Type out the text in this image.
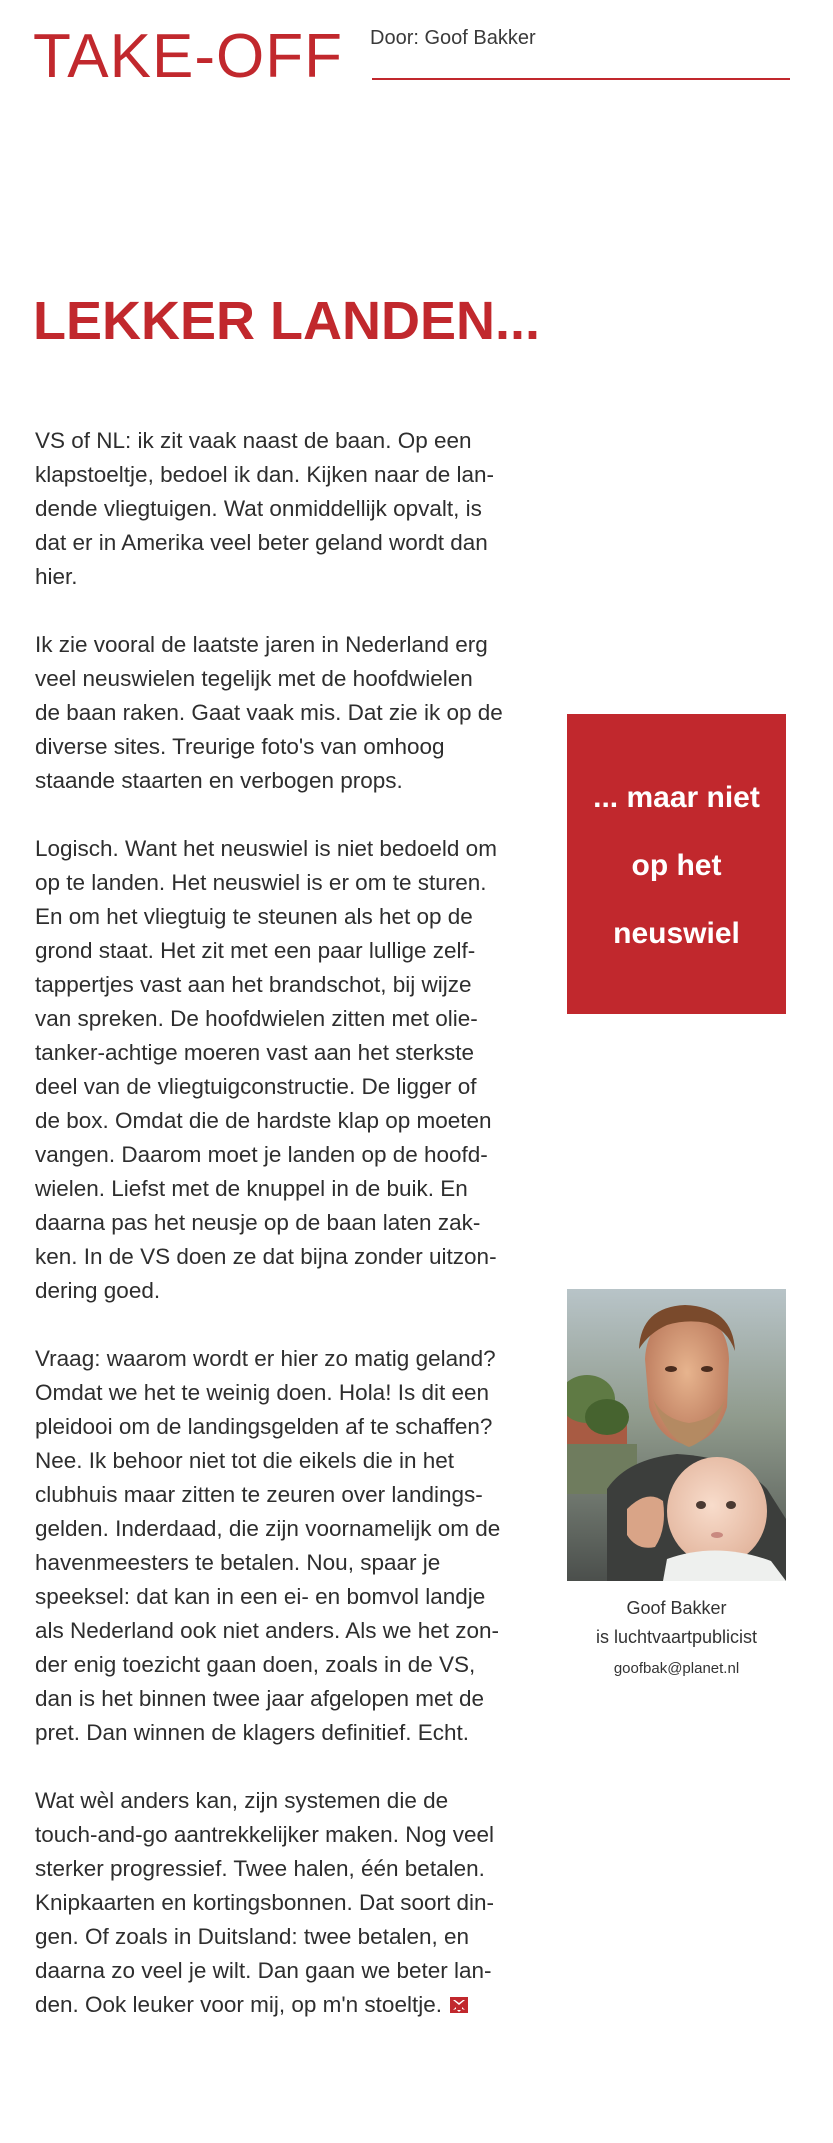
TAKE-OFF Door: Goof Bakker
LEKKER LANDEN...
VS of NL: ik zit vaak naast de baan. Op een
klapstoeltje, bedoel ik dan. Kijken naar de lan-
dende vliegtuigen. Wat onmiddellijk opvalt, is
dat er in Amerika veel beter geland wordt dan
hier.
Ik zie vooral de laatste jaren in Nederland erg
veel neuswielen tegelijk met de hoofdwielen
de baan raken. Gaat vaak mis. Dat zie ik op de
diverse sites. Treurige foto's van omhoog
staande staarten en verbogen props.
Logisch. Want het neuswiel is niet bedoeld om
op te landen. Het neuswiel is er om te sturen.
En om het vliegtuig te steunen als het op de
grond staat. Het zit met een paar lullige zelf-
tappertjes vast aan het brandschot, bij wijze
van spreken. De hoofdwielen zitten met olie-
tanker-achtige moeren vast aan het sterkste
deel van de vliegtuigconstructie. De ligger of
de box. Omdat die de hardste klap op moeten
vangen. Daarom moet je landen op de hoofd-
wielen. Liefst met de knuppel in de buik. En
daarna pas het neusje op de baan laten zak-
ken. In de VS doen ze dat bijna zonder uitzon-
dering goed.
Vraag: waarom wordt er hier zo matig geland?
Omdat we het te weinig doen. Hola! Is dit een
pleidooi om de landingsgelden af te schaffen?
Nee. Ik behoor niet tot die eikels die in het
clubhuis maar zitten te zeuren over landings-
gelden. Inderdaad, die zijn voornamelijk om de
havenmeesters te betalen. Nou, spaar je
speeksel: dat kan in een ei- en bomvol landje
als Nederland ook niet anders. Als we het zon-
der enig toezicht gaan doen, zoals in de VS,
dan is het binnen twee jaar afgelopen met de
pret. Dan winnen de klagers definitief. Echt.
Wat wèl anders kan, zijn systemen die de
touch-and-go aantrekkelijker maken. Nog veel
sterker progressief. Twee halen, één betalen.
Knipkaarten en kortingsbonnen. Dat soort din-
gen. Of zoals in Duitsland: twee betalen, en
daarna zo veel je wilt. Dan gaan we beter lan-
den. Ook leuker voor mij, op m'n stoeltje.
... maar niet
op het
neuswiel
Goof Bakker
is luchtvaartpublicist
goofbak@planet.nl
